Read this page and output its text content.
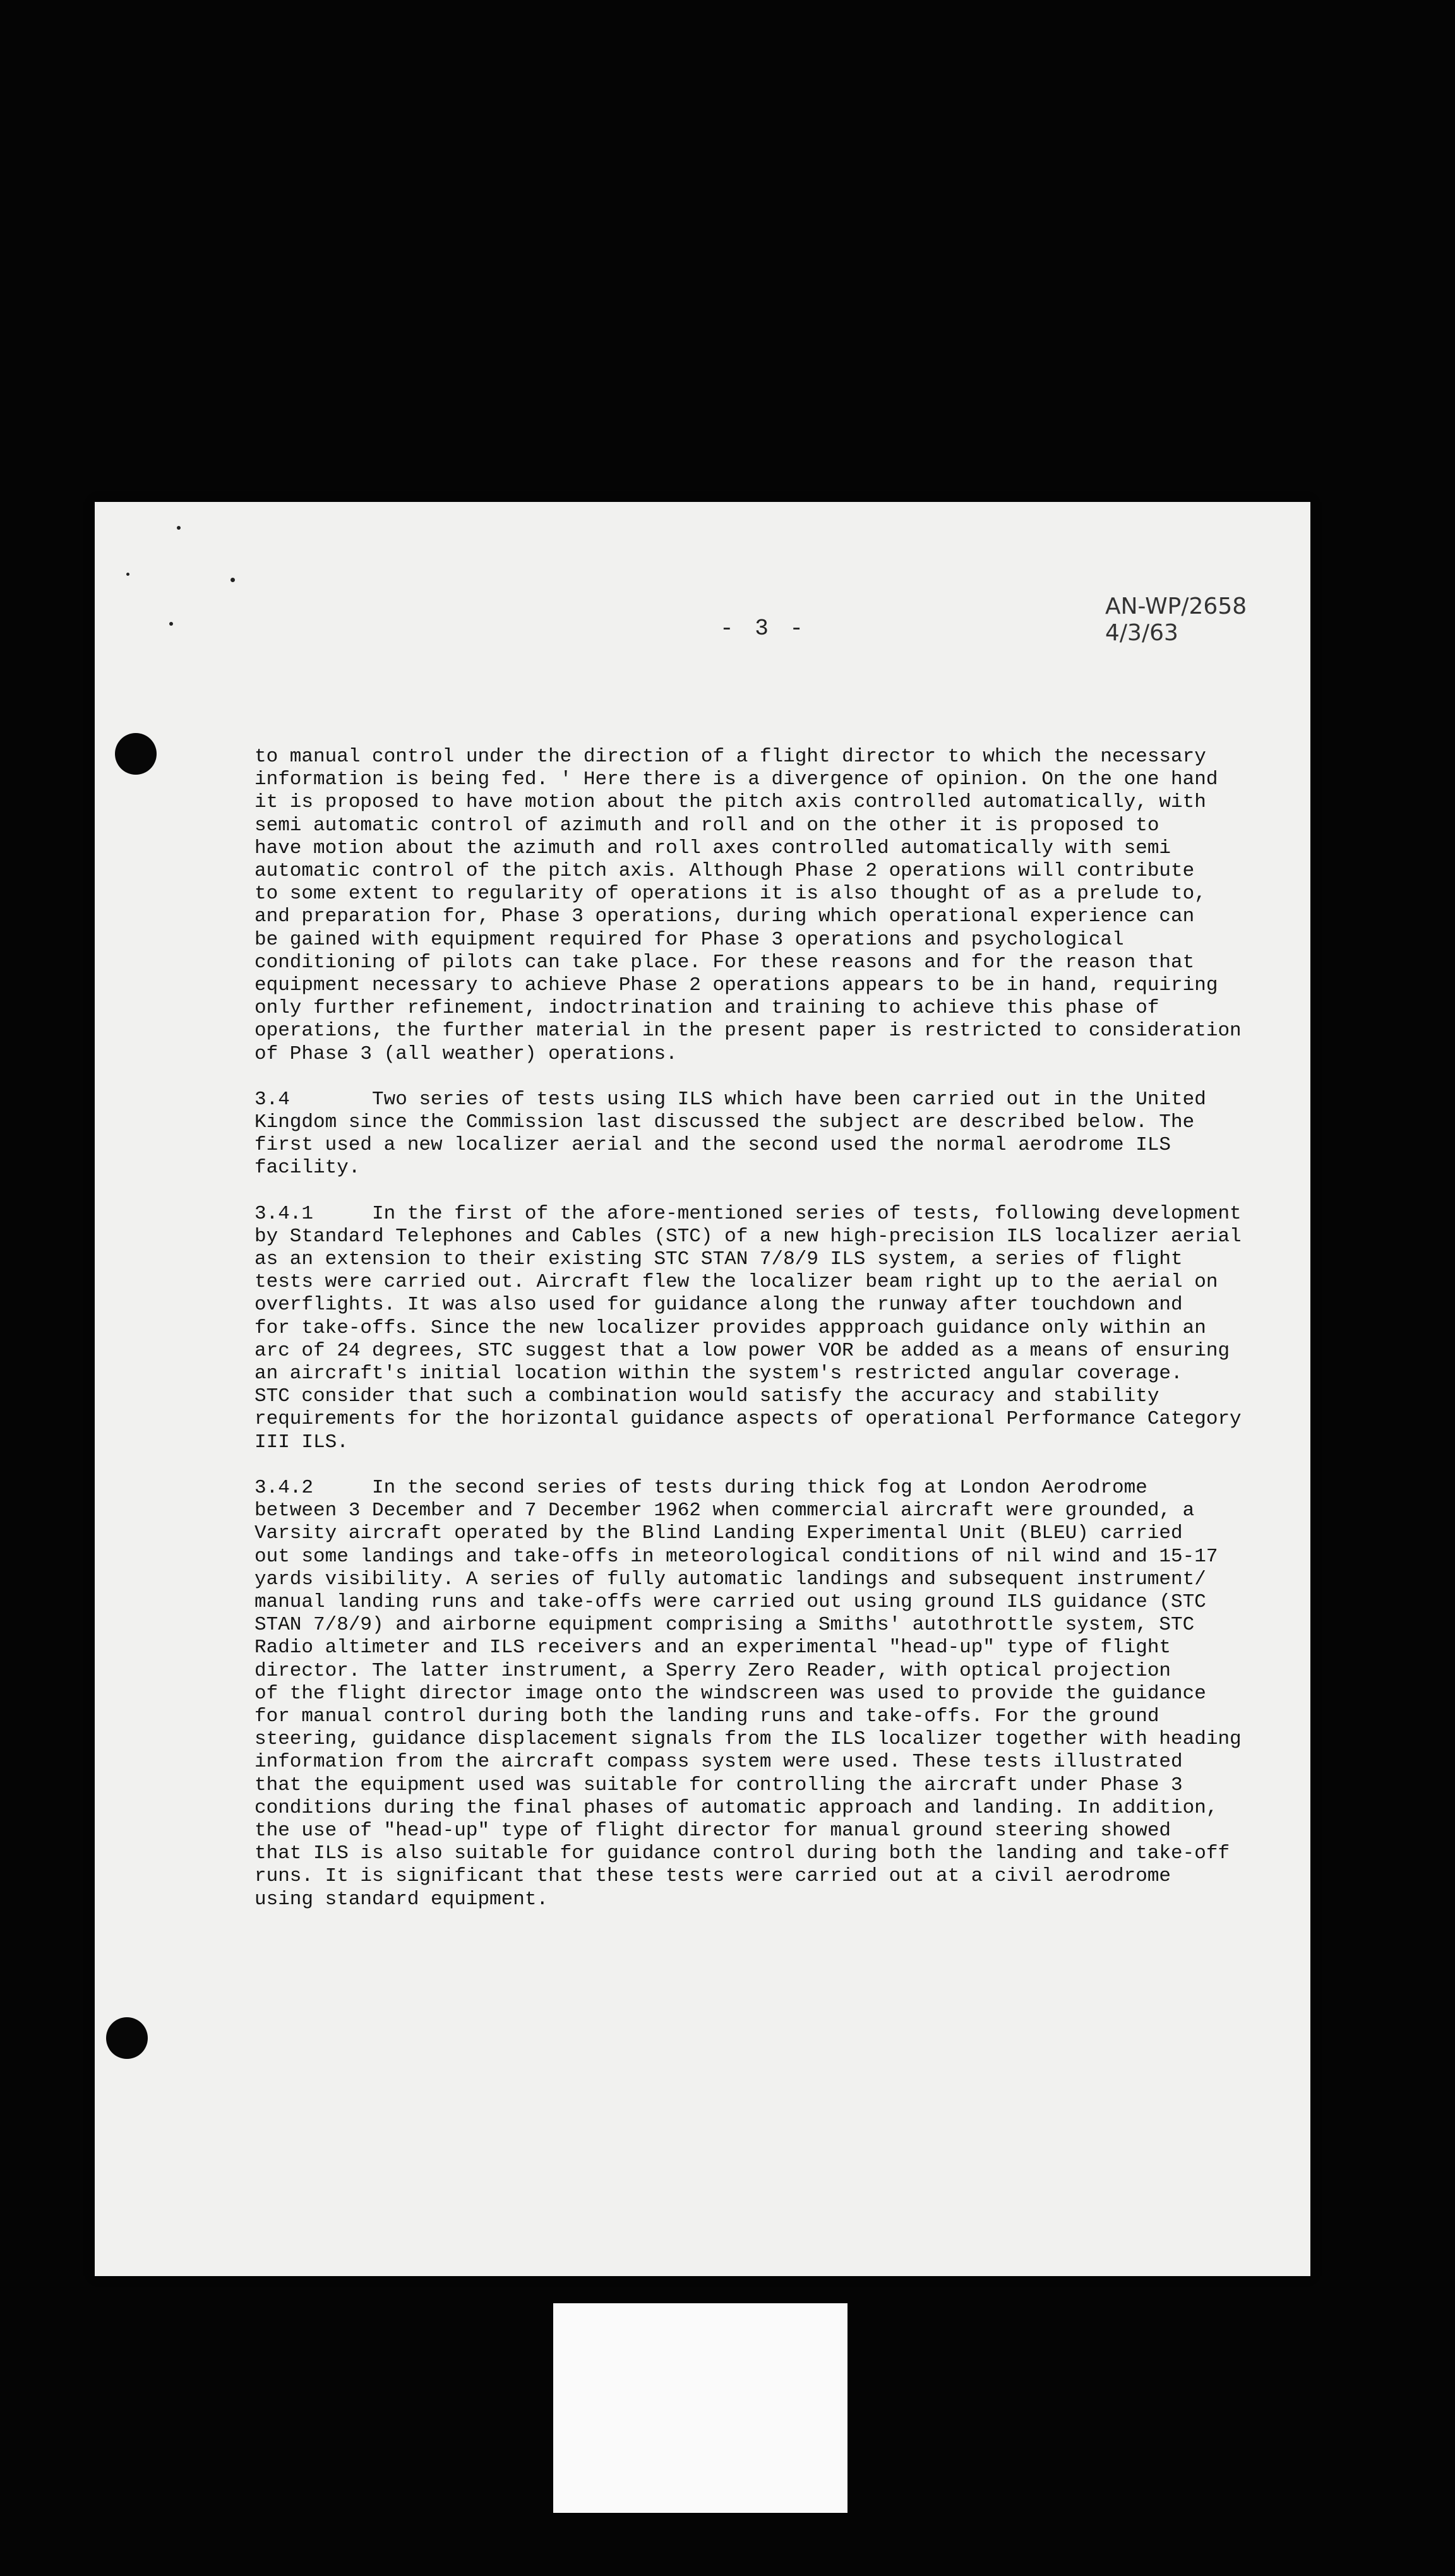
- 3 -
AN-WP/2658
4/3/63
to manual control under the direction of a flight director to which the necessary
information is being fed. ' Here there is a divergence of opinion. On the one hand
it is proposed to have motion about the pitch axis controlled automatically, with
semi automatic control of azimuth and roll and on the other it is proposed to
have motion about the azimuth and roll axes controlled automatically with semi
automatic control of the pitch axis. Although Phase 2 operations will contribute
to some extent to regularity of operations it is also thought of as a prelude to,
and preparation for, Phase 3 operations, during which operational experience can
be gained with equipment required for Phase 3 operations and psychological
conditioning of pilots can take place. For these reasons and for the reason that
equipment necessary to achieve Phase 2 operations appears to be in hand, requiring
only further refinement, indoctrination and training to achieve this phase of
operations, the further material in the present paper is restricted to consideration
of Phase 3 (all weather) operations.
3.4	Two series of tests using ILS which have been carried out in the United
Kingdom since the Commission last discussed the subject are described below. The
first used a new localizer aerial and the second used the normal aerodrome ILS
facility.
3.4.1	In the first of the afore-mentioned series of tests, following development
by Standard Telephones and Cables (STC) of a new high-precision ILS localizer aerial
as an extension to their existing STC STAN 7/8/9 ILS system, a series of flight
tests were carried out. Aircraft flew the localizer beam right up to the aerial on
overflights. It was also used for guidance along the runway after touchdown and
for take-offs. Since the new localizer provides appproach guidance only within an
arc of 24 degrees, STC suggest that a low power VOR be added as a means of ensuring
an aircraft's initial location within the system's restricted angular coverage.
STC consider that such a combination would satisfy the accuracy and stability
requirements for the horizontal guidance aspects of operational Performance Category
III ILS.
3.4.2	In the second series of tests during thick fog at London Aerodrome
between 3 December and 7 December 1962 when commercial aircraft were grounded, a
Varsity aircraft operated by the Blind Landing Experimental Unit (BLEU) carried
out some landings and take-offs in meteorological conditions of nil wind and 15-17
yards visibility. A series of fully automatic landings and subsequent instrument/
manual landing runs and take-offs were carried out using ground ILS guidance (STC
STAN 7/8/9) and airborne equipment comprising a Smiths' autothrottle system, STC
Radio altimeter and ILS receivers and an experimental "head-up" type of flight
director. The latter instrument, a Sperry Zero Reader, with optical projection
of the flight director image onto the windscreen was used to provide the guidance
for manual control during both the landing runs and take-offs. For the ground
steering, guidance displacement signals from the ILS localizer together with heading
information from the aircraft compass system were used. These tests illustrated
that the equipment used was suitable for controlling the aircraft under Phase 3
conditions during the final phases of automatic approach and landing. In addition,
the use of "head-up" type of flight director for manual ground steering showed
that ILS is also suitable for guidance control during both the landing and take-off
runs. It is significant that these tests were carried out at a civil aerodrome
using standard equipment.
